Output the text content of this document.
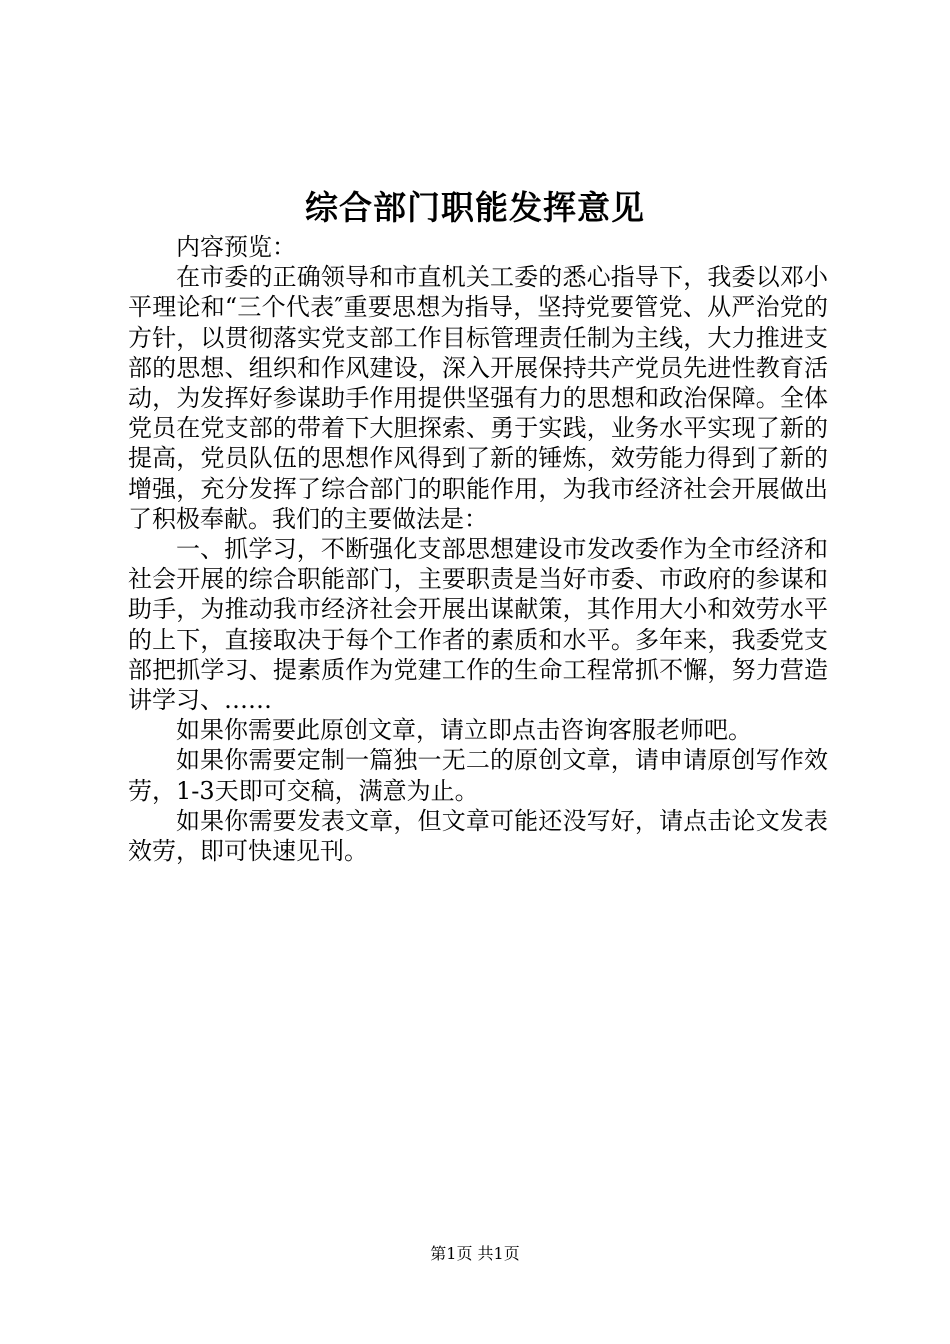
综合部门职能发挥意见

内容预览：

在市委的正确领导和市直机关工委的悉心指导下，我委以邓小平理论和“三个代表″重要思想为指导，坚持党要管党、从严治党的方针，以贯彻落实党支部工作目标管理责任制为主线，大力推进支部的思想、组织和作风建设，深入开展保持共产党员先进性教育活动，为发挥好参谋助手作用提供坚强有力的思想和政治保障。全体党员在党支部的带着下大胆探索、勇于实践，业务水平实现了新的提高，党员队伍的思想作风得到了新的锤炼，效劳能力得到了新的增强，充分发挥了综合部门的职能作用，为我市经济社会开展做出了积极奉献。我们的主要做法是：

一、抓学习，不断强化支部思想建设市发改委作为全市经济和社会开展的综合职能部门，主要职责是当好市委、市政府的参谋和助手，为推动我市经济社会开展出谋献策，其作用大小和效劳水平的上下，直接取决于每个工作者的素质和水平。多年来，我委党支部把抓学习、提素质作为党建工作的生命工程常抓不懈，努力营造讲学习、……

如果你需要此原创文章，请立即点击咨询客服老师吧。

如果你需要定制一篇独一无二的原创文章，请申请原创写作效劳，1-3天即可交稿，满意为止。

如果你需要发表文章，但文章可能还没写好，请点击论文发表效劳，即可快速见刊。

第1页 共1页
